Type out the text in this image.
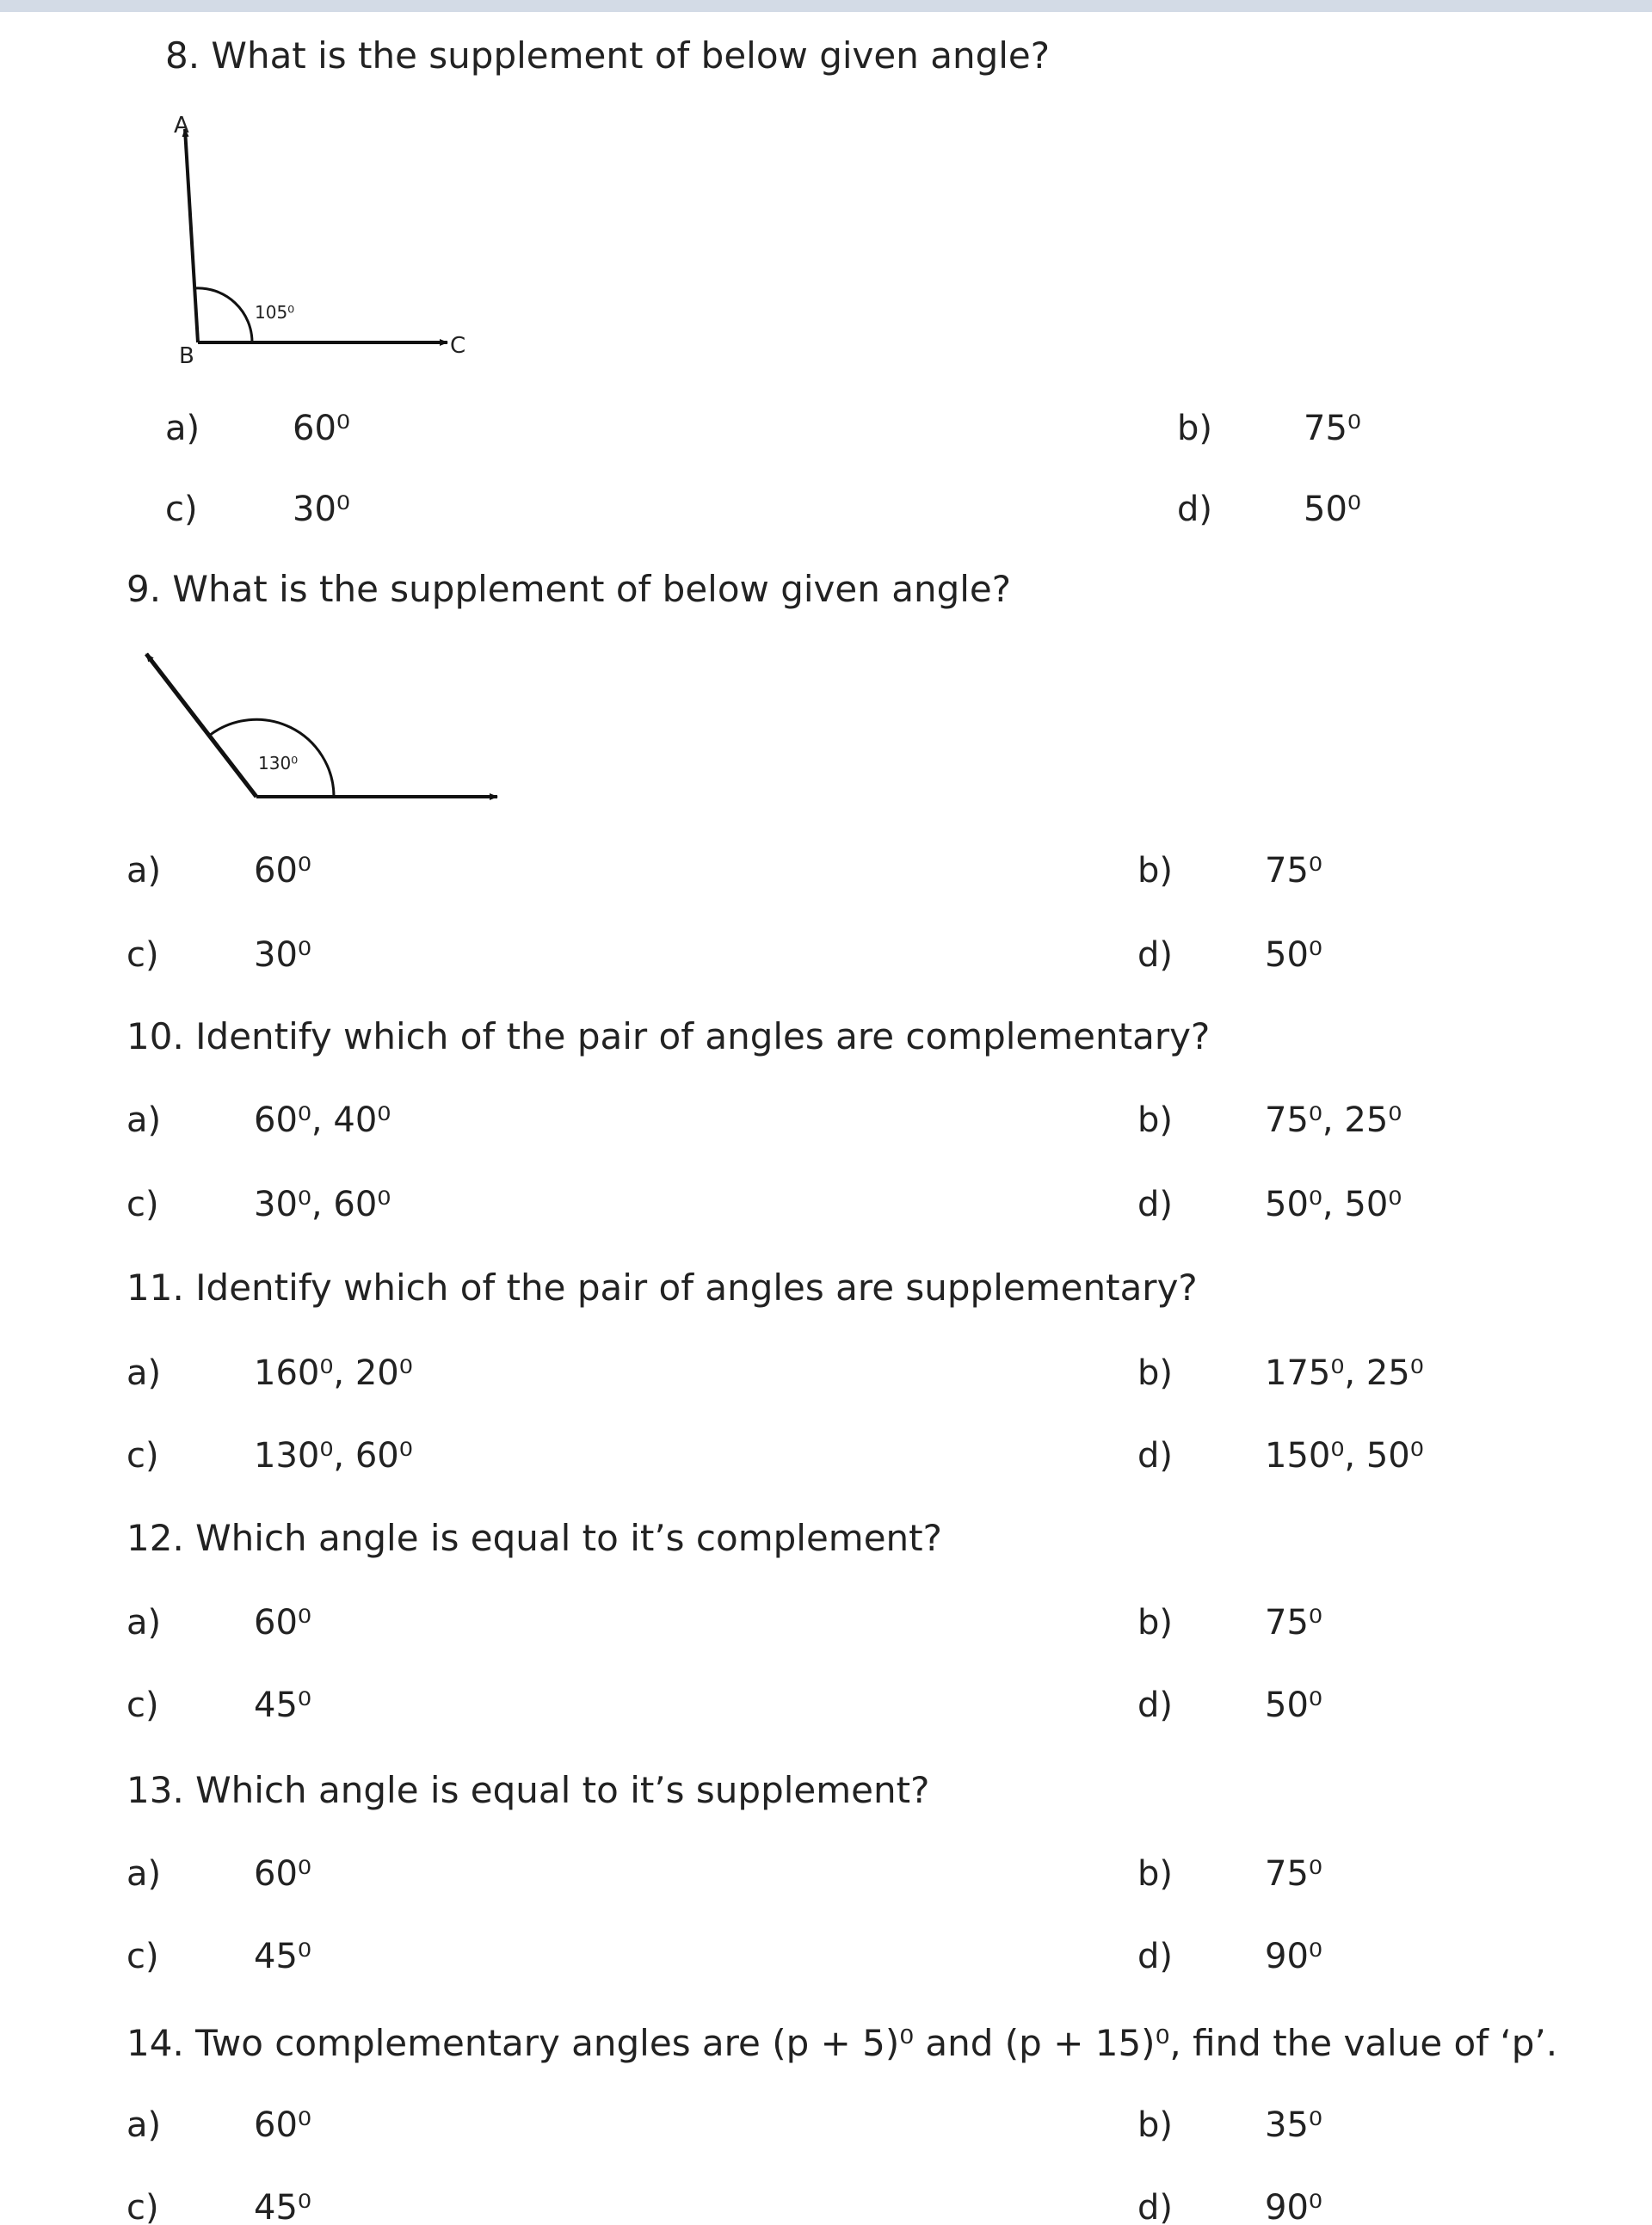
8. What is the supplement of below given angle?
A
B	C
105⁰
a)	60⁰	b)	75⁰
c)	30⁰	d)	50⁰
9. What is the supplement of below given angle?
130⁰
a)	60⁰	b)	75⁰
c)	30⁰	d)	50⁰
10. Identify which of the pair of angles are complementary?
a)	60⁰, 40⁰	b)	75⁰, 25⁰
c)	30⁰, 60⁰	d)	50⁰, 50⁰
11. Identify which of the pair of angles are supplementary?
a)	160⁰, 20⁰	b)	175⁰, 25⁰
c)	130⁰, 60⁰	d)	150⁰, 50⁰
12. Which angle is equal to it’s complement?
a)	60⁰	b)	75⁰
c)	45⁰	d)	50⁰
13. Which angle is equal to it’s supplement?
a)	60⁰	b)	75⁰
c)	45⁰	d)	90⁰
14. Two complementary angles are (p + 5)⁰ and (p + 15)⁰, find the value of ‘p’.
a)	60⁰	b)	35⁰
c)	45⁰	d)	90⁰
